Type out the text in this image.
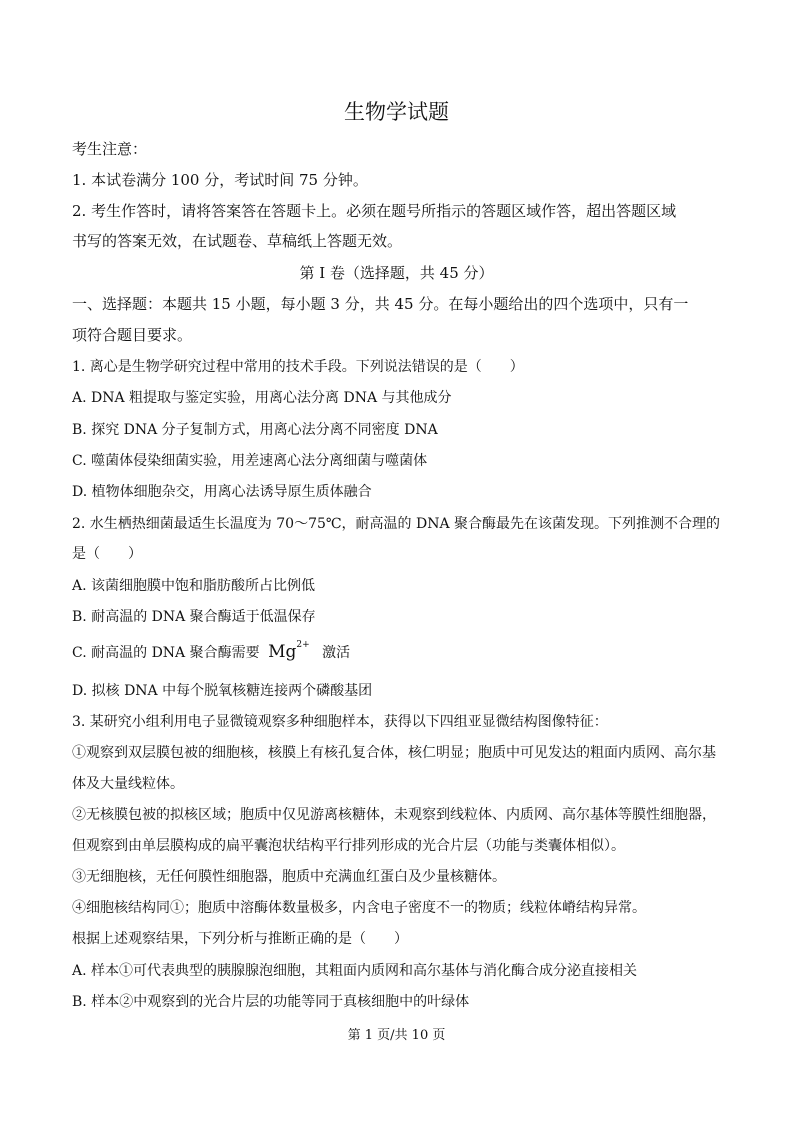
生物学试题
考生注意：
1. 本试卷满分 100 分，考试时间 75 分钟。
2. 考生作答时，请将答案答在答题卡上。必须在题号所指示的答题区域作答，超出答题区域
书写的答案无效，在试题卷、草稿纸上答题无效。
第 I 卷（选择题，共 45 分）
一、选择题：本题共 15 小题，每小题 3 分，共 45 分。在每小题给出的四个选项中，只有一
项符合题目要求。
1. 离心是生物学研究过程中常用的技术手段。下列说法错误的是（　　）
A. DNA 粗提取与鉴定实验，用离心法分离 DNA 与其他成分
B. 探究 DNA 分子复制方式，用离心法分离不同密度 DNA
C. 噬菌体侵染细菌实验，用差速离心法分离细菌与噬菌体
D. 植物体细胞杂交，用离心法诱导原生质体融合
2. 水生栖热细菌最适生长温度为 70～75℃，耐高温的 DNA 聚合酶最先在该菌发现。下列推测不合理的
是（　　）
A. 该菌细胞膜中饱和脂肪酸所占比例低
B. 耐高温的 DNA 聚合酶适于低温保存
C. 耐高温的 DNA 聚合酶需要 $Mg^{2+}$ 激活
D. 拟核 DNA 中每个脱氧核糖连接两个磷酸基团
3. 某研究小组利用电子显微镜观察多种细胞样本，获得以下四组亚显微结构图像特征：
①观察到双层膜包被的细胞核，核膜上有核孔复合体，核仁明显；胞质中可见发达的粗面内质网、高尔基
体及大量线粒体。
②无核膜包被的拟核区域；胞质中仅见游离核糖体，未观察到线粒体、内质网、高尔基体等膜性细胞器，
但观察到由单层膜构成的扁平囊泡状结构平行排列形成的光合片层（功能与类囊体相似）。
③无细胞核，无任何膜性细胞器，胞质中充满血红蛋白及少量核糖体。
④细胞核结构同①；胞质中溶酶体数量极多，内含电子密度不一的物质；线粒体嵴结构异常。
根据上述观察结果，下列分析与推断正确的是（　　）
A. 样本①可代表典型的胰腺腺泡细胞，其粗面内质网和高尔基体与消化酶合成分泌直接相关
B. 样本②中观察到的光合片层的功能等同于真核细胞中的叶绿体
第 1 页/共 10 页
